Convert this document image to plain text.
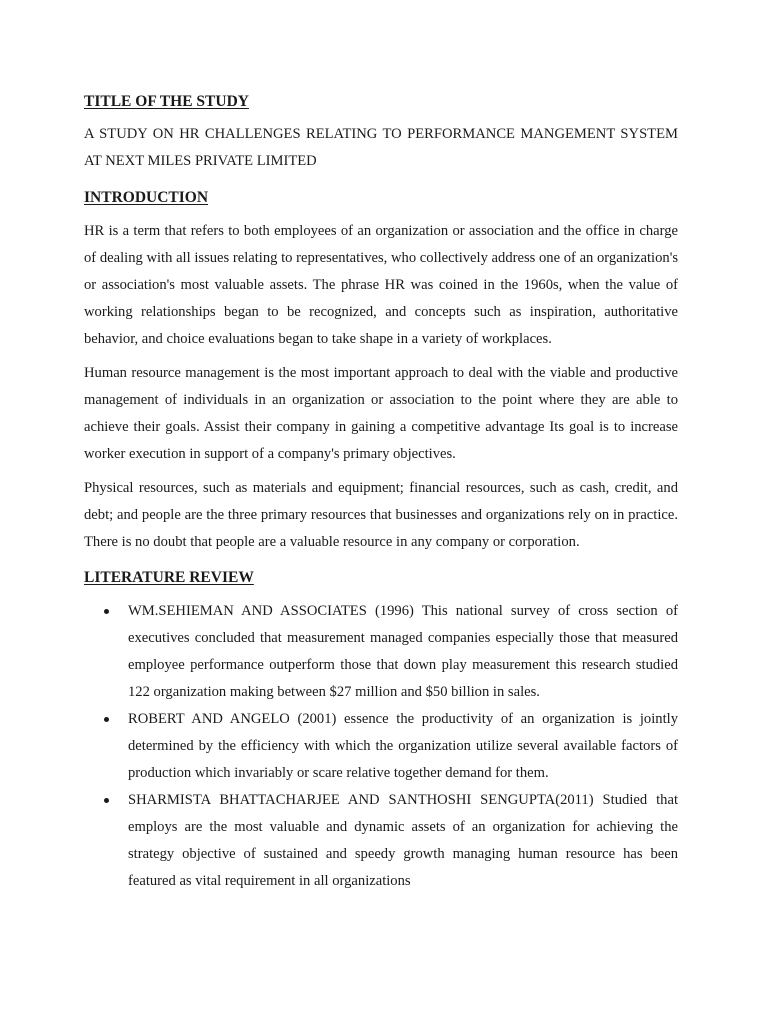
TITLE OF THE STUDY

A STUDY ON HR CHALLENGES RELATING TO PERFORMANCE MANGEMENT SYSTEM AT NEXT MILES PRIVATE LIMITED

INTRODUCTION

HR is a term that refers to both employees of an organization or association and the office in charge of dealing with all issues relating to representatives, who collectively address one of an organization's or association's most valuable assets. The phrase HR was coined in the 1960s, when the value of working relationships began to be recognized, and concepts such as inspiration, authoritative behavior, and choice evaluations began to take shape in a variety of workplaces.

Human resource management is the most important approach to deal with the viable and productive management of individuals in an organization or association to the point where they are able to achieve their goals. Assist their company in gaining a competitive advantage Its goal is to increase worker execution in support of a company's primary objectives.

Physical resources, such as materials and equipment; financial resources, such as cash, credit, and debt; and people are the three primary resources that businesses and organizations rely on in practice. There is no doubt that people are a valuable resource in any company or corporation.

LITERATURE REVIEW
WM.SEHIEMAN AND ASSOCIATES (1996) This national survey of cross section of executives concluded that measurement managed companies especially those that measured employee performance outperform those that down play measurement this research studied 122 organization making between $27 million and $50 billion in sales.
ROBERT AND ANGELO (2001) essence the productivity of an organization is jointly determined by the efficiency with which the organization utilize several available factors of production which invariably or scare relative together demand for them.
SHARMISTA BHATTACHARJEE AND SANTHOSHI SENGUPTA(2011) Studied that employs are the most valuable and dynamic assets of an organization for achieving the strategy objective of sustained and speedy growth managing human resource has been featured as vital requirement in all organizations
